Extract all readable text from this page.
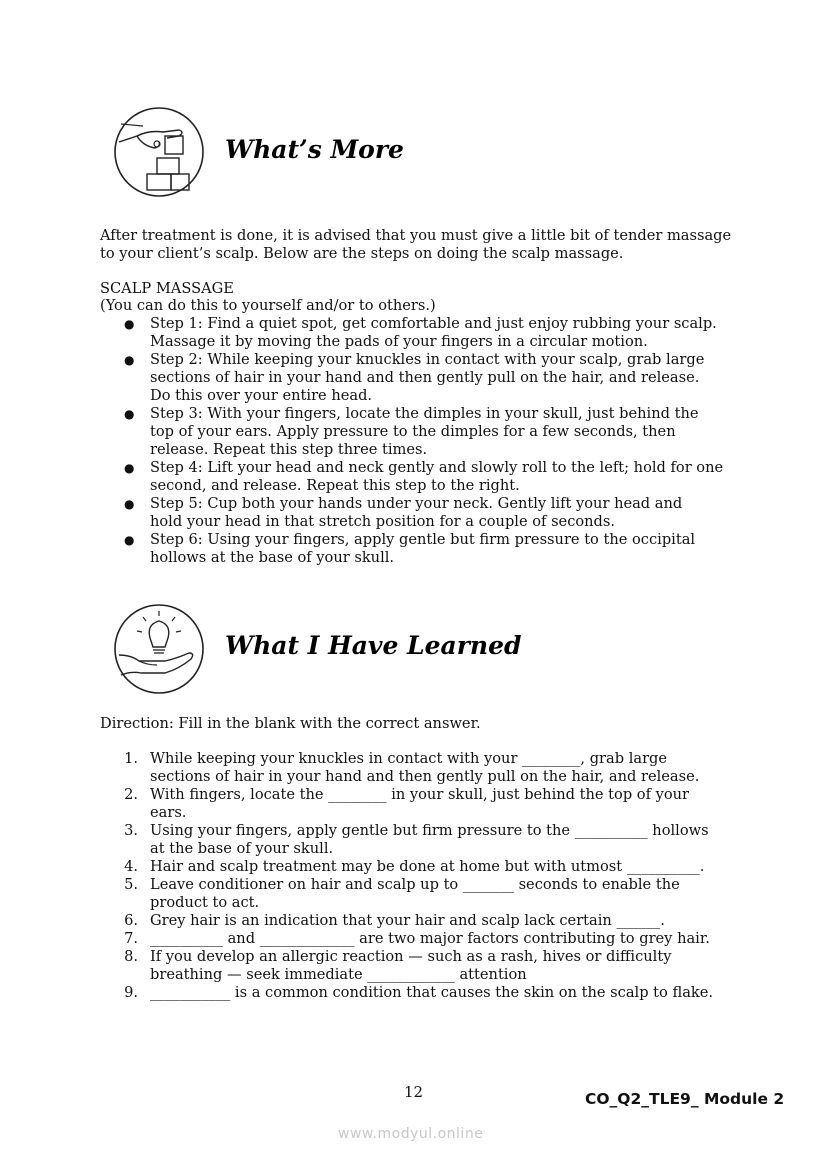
What’s More
After treatment is done, it is advised that you must give a little bit of tender massage
to your client’s scalp. Below are the steps on doing the scalp massage.
SCALP MASSAGE
(You can do this to yourself and/or to others.)
● Step 1: Find a quiet spot, get comfortable and just enjoy rubbing your scalp.
Massage it by moving the pads of your fingers in a circular motion.
● Step 2: While keeping your knuckles in contact with your scalp, grab large
sections of hair in your hand and then gently pull on the hair, and release.
Do this over your entire head.
● Step 3: With your fingers, locate the dimples in your skull, just behind the
top of your ears. Apply pressure to the dimples for a few seconds, then
release. Repeat this step three times.
● Step 4: Lift your head and neck gently and slowly roll to the left; hold for one
second, and release. Repeat this step to the right.
● Step 5: Cup both your hands under your neck. Gently lift your head and
hold your head in that stretch position for a couple of seconds.
● Step 6: Using your fingers, apply gentle but firm pressure to the occipital
hollows at the base of your skull.
What I Have Learned
Direction: Fill in the blank with the correct answer.
1. While keeping your knuckles in contact with your ________, grab large
sections of hair in your hand and then gently pull on the hair, and release.
2. With fingers, locate the ________ in your skull, just behind the top of your
ears.
3. Using your fingers, apply gentle but firm pressure to the __________ hollows
at the base of your skull.
4. Hair and scalp treatment may be done at home but with utmost __________.
5. Leave conditioner on hair and scalp up to _______ seconds to enable the
product to act.
6. Grey hair is an indication that your hair and scalp lack certain ______.
7. __________ and _____________ are two major factors contributing to grey hair.
8. If you develop an allergic reaction — such as a rash, hives or difficulty
breathing — seek immediate ____________ attention
9. ___________ is a common condition that causes the skin on the scalp to flake.
12	CO_Q2_TLE9_ Module 2
www.modyul.online
